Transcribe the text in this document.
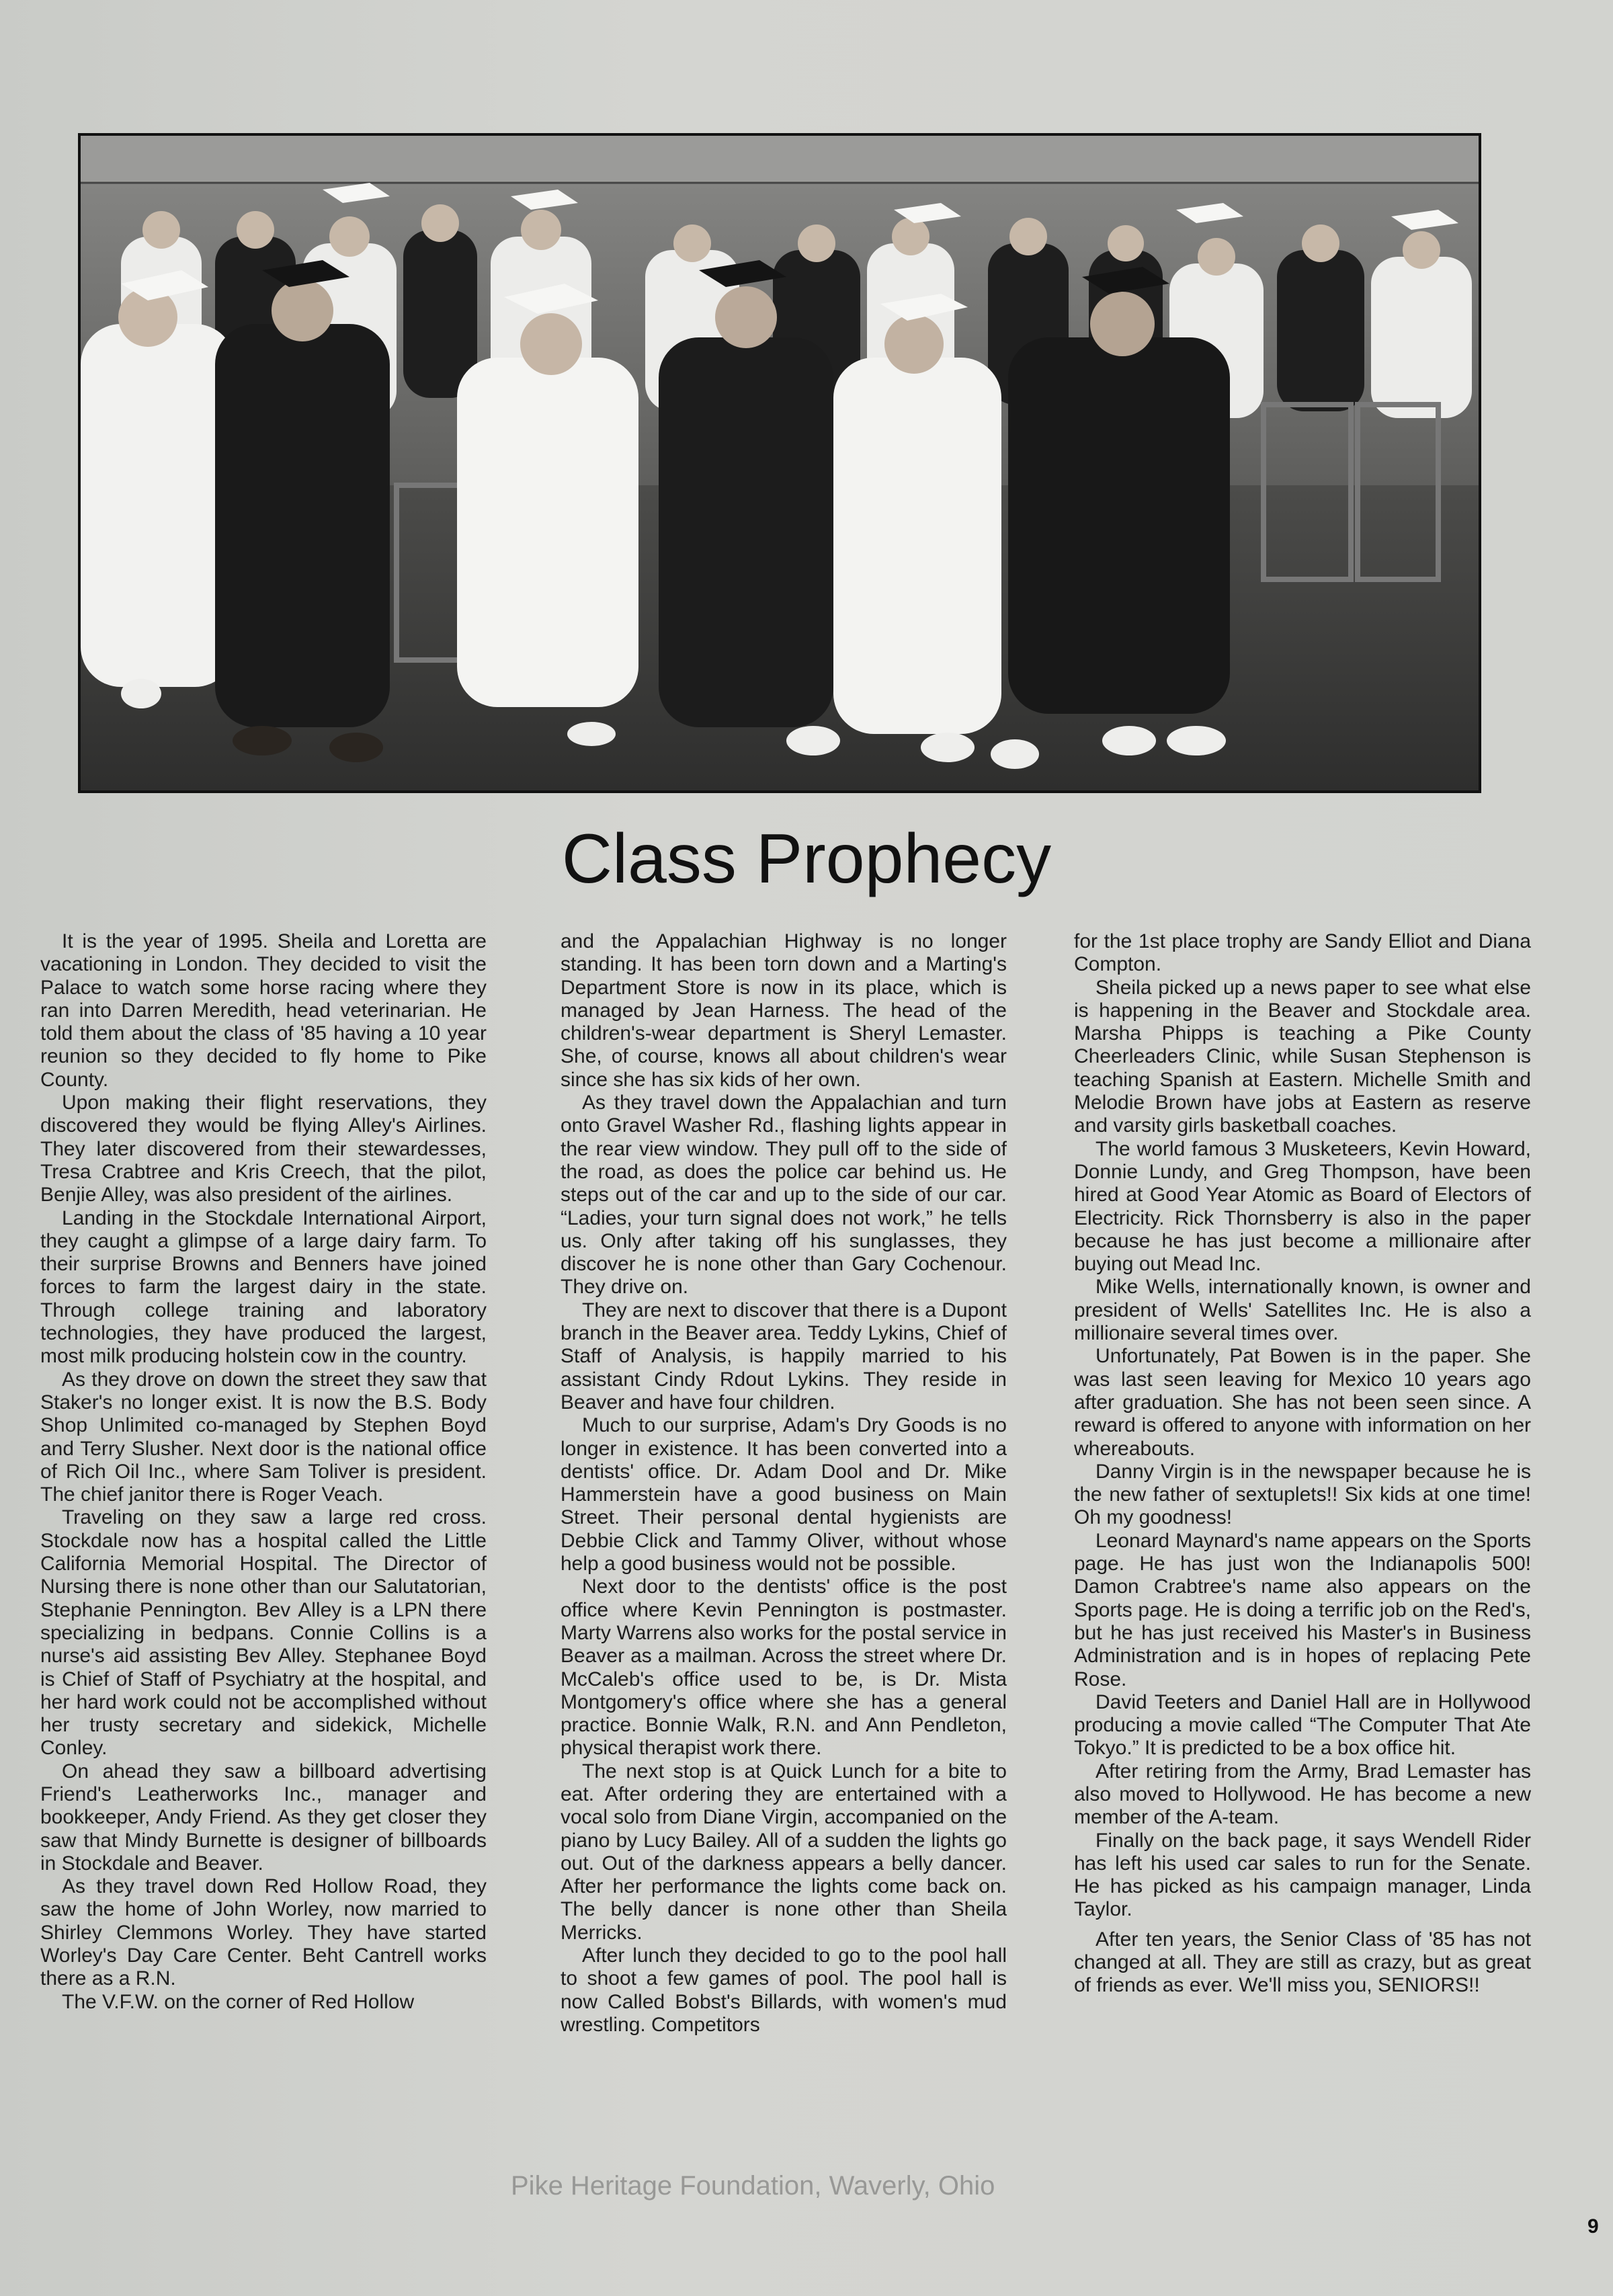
Class Prophecy

It is the year of 1995. Sheila and Loretta are vacationing in London. They decided to visit the Palace to watch some horse racing where they ran into Darren Meredith, head veterinarian. He told them about the class of '85 having a 10 year reunion so they decided to fly home to Pike County.

Upon making their flight reservations, they discovered they would be flying Alley's Airlines. They later discovered from their stewardesses, Tresa Crabtree and Kris Creech, that the pilot, Benjie Alley, was also president of the airlines.

Landing in the Stockdale International Airport, they caught a glimpse of a large dairy farm. To their surprise Browns and Benners have joined forces to farm the largest dairy in the state. Through college training and laboratory technologies, they have produced the largest, most milk producing holstein cow in the country.

As they drove on down the street they saw that Staker's no longer exist. It is now the B.S. Body Shop Unlimited co-managed by Stephen Boyd and Terry Slusher. Next door is the national office of Rich Oil Inc., where Sam Toliver is president. The chief janitor there is Roger Veach.

Traveling on they saw a large red cross. Stockdale now has a hospital called the Little California Memorial Hospital. The Director of Nursing there is none other than our Salutatorian, Stephanie Pennington. Bev Alley is a LPN there specializing in bedpans. Connie Collins is a nurse's aid assisting Bev Alley. Stephanee Boyd is Chief of Staff of Psychiatry at the hospital, and her hard work could not be accomplished without her trusty secretary and sidekick, Michelle Conley.

On ahead they saw a billboard advertising Friend's Leatherworks Inc., manager and bookkeeper, Andy Friend. As they get closer they saw that Mindy Burnette is designer of billboards in Stockdale and Beaver.

As they travel down Red Hollow Road, they saw the home of John Worley, now married to Shirley Clemmons Worley. They have started Worley's Day Care Center. Beht Cantrell works there as a R.N.

The V.F.W. on the corner of Red Hollow

and the Appalachian Highway is no longer standing. It has been torn down and a Marting's Department Store is now in its place, which is managed by Jean Harness. The head of the children's-wear department is Sheryl Lemaster. She, of course, knows all about children's wear since she has six kids of her own.

As they travel down the Appalachian and turn onto Gravel Washer Rd., flashing lights appear in the rear view window. They pull off to the side of the road, as does the police car behind us. He steps out of the car and up to the side of our car. “Ladies, your turn signal does not work,” he tells us. Only after taking off his sunglasses, they discover he is none other than Gary Cochenour. They drive on.

They are next to discover that there is a Dupont branch in the Beaver area. Teddy Lykins, Chief of Staff of Analysis, is happily married to his assistant Cindy Rdout Lykins. They reside in Beaver and have four children.

Much to our surprise, Adam's Dry Goods is no longer in existence. It has been converted into a dentists' office. Dr. Adam Dool and Dr. Mike Hammerstein have a good business on Main Street. Their personal dental hygienists are Debbie Click and Tammy Oliver, without whose help a good business would not be possible.

Next door to the dentists' office is the post office where Kevin Pennington is postmaster. Marty Warrens also works for the postal service in Beaver as a mailman. Across the street where Dr. McCaleb's office used to be, is Dr. Mista Montgomery's office where she has a general practice. Bonnie Walk, R.N. and Ann Pendleton, physical therapist work there.

The next stop is at Quick Lunch for a bite to eat. After ordering they are entertained with a vocal solo from Diane Virgin, accompanied on the piano by Lucy Bailey. All of a sudden the lights go out. Out of the darkness appears a belly dancer. After her performance the lights come back on. The belly dancer is none other than Sheila Merricks.

After lunch they decided to go to the pool hall to shoot a few games of pool. The pool hall is now Called Bobst's Billards, with women's mud wrestling. Competitors

for the 1st place trophy are Sandy Elliot and Diana Compton.

Sheila picked up a news paper to see what else is happening in the Beaver and Stockdale area. Marsha Phipps is teaching a Pike County Cheerleaders Clinic, while Susan Stephenson is teaching Spanish at Eastern. Michelle Smith and Melodie Brown have jobs at Eastern as reserve and varsity girls basketball coaches.

The world famous 3 Musketeers, Kevin Howard, Donnie Lundy, and Greg Thompson, have been hired at Good Year Atomic as Board of Electors of Electricity. Rick Thornsberry is also in the paper because he has just become a millionaire after buying out Mead Inc.

Mike Wells, internationally known, is owner and president of Wells' Satellites Inc. He is also a millionaire several times over.

Unfortunately, Pat Bowen is in the paper. She was last seen leaving for Mexico 10 years ago after graduation. She has not been seen since. A reward is offered to anyone with information on her whereabouts.

Danny Virgin is in the newspaper because he is the new father of sextuplets!! Six kids at one time! Oh my goodness!

Leonard Maynard's name appears on the Sports page. He has just won the Indianapolis 500! Damon Crabtree's name also appears on the Sports page. He is doing a terrific job on the Red's, but he has just received his Master's in Business Administration and is in hopes of replacing Pete Rose.

David Teeters and Daniel Hall are in Hollywood producing a movie called “The Computer That Ate Tokyo.” It is predicted to be a box office hit.

After retiring from the Army, Brad Lemaster has also moved to Hollywood. He has become a new member of the A-team.

Finally on the back page, it says Wendell Rider has left his used car sales to run for the Senate. He has picked as his campaign manager, Linda Taylor.

After ten years, the Senior Class of '85 has not changed at all. They are still as crazy, but as great of friends as ever. We'll miss you, SENIORS!!

Pike Heritage Foundation, Waverly, Ohio
9
